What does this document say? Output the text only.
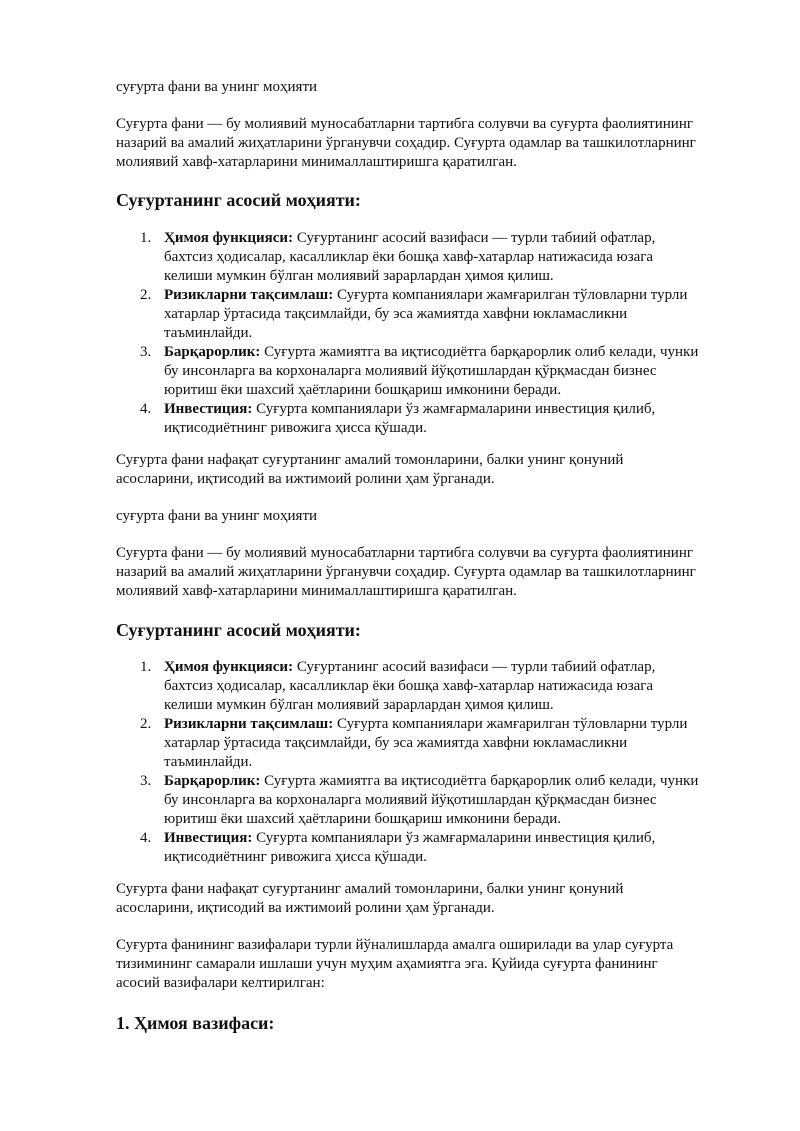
суғурта фани ва унинг моҳияти

Суғурта фани — бу молиявий муносабатларни тартибга солувчи ва суғурта фаолиятининг
назарий ва амалий жиҳатларини ўрганувчи соҳадир. Суғурта одамлар ва ташкилотларнинг
молиявий хавф-хатарларини минималлаштиришга қаратилган.

Суғуртанинг асосий моҳияти:
1. Ҳимоя функцияси: Суғуртанинг асосий вазифаси — турли табиий офатлар,
бахтсиз ҳодисалар, касалликлар ёки бошқа хавф-хатарлар натижасида юзага
келиши мумкин бўлган молиявий зарарлардан ҳимоя қилиш.
2. Ризикларни тақсимлаш: Суғурта компаниялари жамғарилган тўловларни турли
хатарлар ўртасида тақсимлайди, бу эса жамиятда хавфни юкламасликни
таъминлайди.
3. Барқарорлик: Суғурта жамиятга ва иқтисодиётга барқарорлик олиб келади, чунки
бу инсонларга ва корхоналарга молиявий йўқотишлардан қўрқмасдан бизнес
юритиш ёки шахсий ҳаётларини бошқариш имконини беради.
4. Инвестиция: Суғурта компаниялари ўз жамғармаларини инвестиция қилиб,
иқтисодиётнинг ривожига ҳисса қўшади.

Суғурта фани нафақат суғуртанинг амалий томонларини, балки унинг қонуний
асосларини, иқтисодий ва ижтимоий ролини ҳам ўрганади.

суғурта фани ва унинг моҳияти

Суғурта фани — бу молиявий муносабатларни тартибга солувчи ва суғурта фаолиятининг
назарий ва амалий жиҳатларини ўрганувчи соҳадир. Суғурта одамлар ва ташкилотларнинг
молиявий хавф-хатарларини минималлаштиришга қаратилган.

Суғуртанинг асосий моҳияти:
1. Ҳимоя функцияси: Суғуртанинг асосий вазифаси — турли табиий офатлар,
бахтсиз ҳодисалар, касалликлар ёки бошқа хавф-хатарлар натижасида юзага
келиши мумкин бўлган молиявий зарарлардан ҳимоя қилиш.
2. Ризикларни тақсимлаш: Суғурта компаниялари жамғарилган тўловларни турли
хатарлар ўртасида тақсимлайди, бу эса жамиятда хавфни юкламасликни
таъминлайди.
3. Барқарорлик: Суғурта жамиятга ва иқтисодиётга барқарорлик олиб келади, чунки
бу инсонларга ва корхоналарга молиявий йўқотишлардан қўрқмасдан бизнес
юритиш ёки шахсий ҳаётларини бошқариш имконини беради.
4. Инвестиция: Суғурта компаниялари ўз жамғармаларини инвестиция қилиб,
иқтисодиётнинг ривожига ҳисса қўшади.

Суғурта фани нафақат суғуртанинг амалий томонларини, балки унинг қонуний
асосларини, иқтисодий ва ижтимоий ролини ҳам ўрганади.

Суғурта фанининг вазифалари турли йўналишларда амалга оширилади ва улар суғурта
тизимининг самарали ишлаши учун муҳим аҳамиятга эга. Қуйида суғурта фанининг
асосий вазифалари келтирилган:

1. Ҳимоя вазифаси:
